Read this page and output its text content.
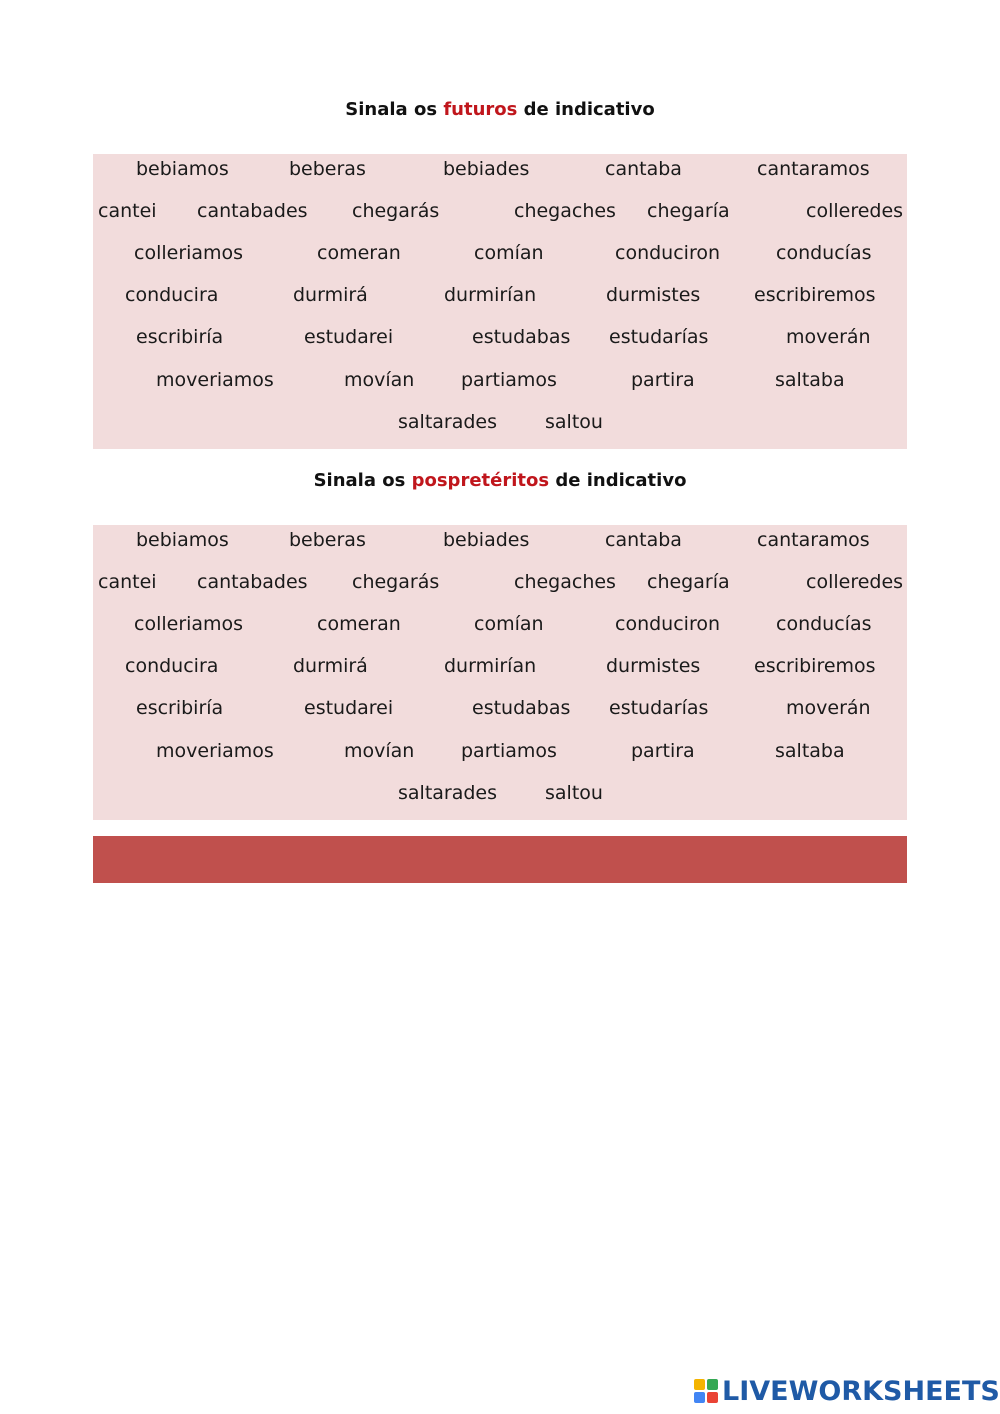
Sinala os futuros de indicativo
bebiamos	beberas	bebiades	cantaba	cantaramos
cantei cantabades chegarás	chegaches chegaría	colleredes
colleriamos	comeran	comían	conduciron	conducías
conducira	durmirá	durmirían	durmistes	escribiremos
escribiría	estudarei	estudabas estudarías	moverán
moveriamos	movían partiamos	partira	saltaba
saltarades	saltou
Sinala os pospretéritos de indicativo
bebiamos	beberas	bebiades	cantaba	cantaramos
cantei cantabades chegarás	chegaches chegaría	colleredes
colleriamos	comeran	comían	conduciron	conducías
conducira	durmirá	durmirían	durmistes	escribiremos
escribiría	estudarei	estudabas estudarías	moverán
moveriamos	movían partiamos	partira	saltaba
saltarades	saltou
LIVEWORKSHEETS
